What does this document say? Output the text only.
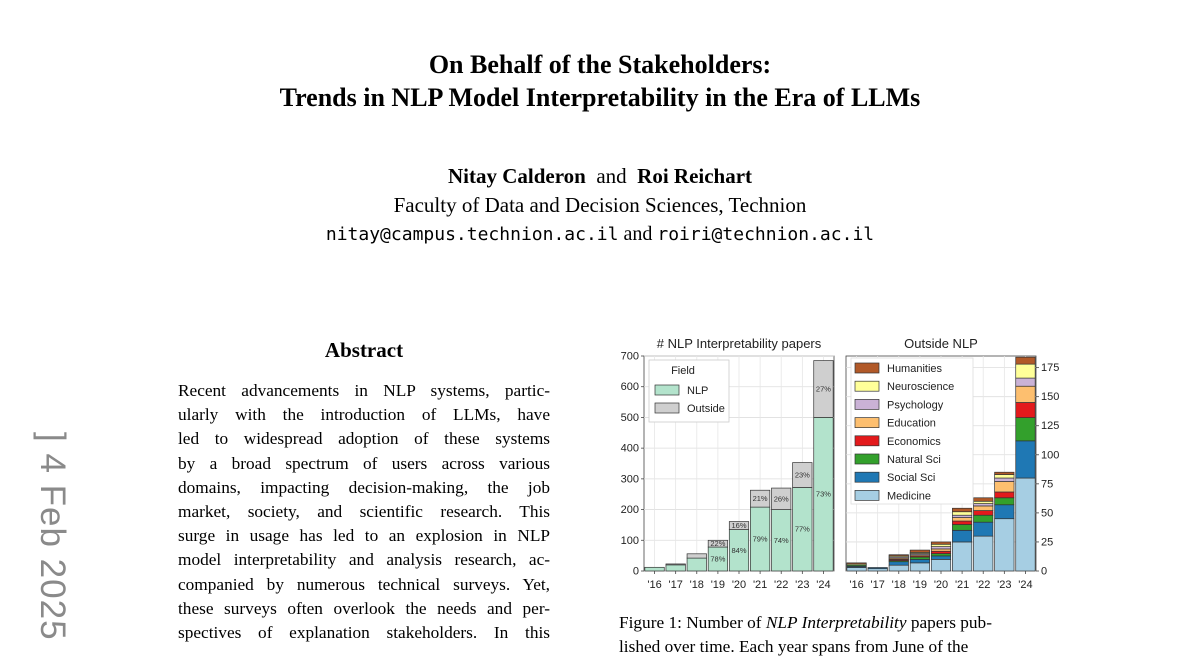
On Behalf of the Stakeholders:
Trends in NLP Model Interpretability in the Era of LLMs
Nitay Calderon and Roi Reichart
Faculty of Data and Decision Sciences, Technion
nitay@campus.technion.ac.il and roiri@technion.ac.il
] 4 Feb 2025
Abstract
Recent advancements in NLP systems, partic-
ularly with the introduction of LLMs, have
led to widespread adoption of these systems
by a broad spectrum of users across various
domains, impacting decision-making, the job
market, society, and scientific research. This
surge in usage has led to an explosion in NLP
model interpretability and analysis research, ac-
companied by numerous technical surveys. Yet,
these surveys often overlook the needs and per-
spectives of explanation stakeholders. In this
# NLP Interpretability papers
0
100
200
300
400
500
600
700
78%
84%
79% 74%
77%
73%
22%
16%
21% 26%
23%
27%
'16 '17 '18 '19 '20 '21 '22 '23 '24
Field
NLP
Outside
Outside NLP
0
25
50
75
100
125
150
175
'16 '17 '18 '19 '20 '21 '22 '23 '24
Humanities
Neuroscience
Psychology
Education
Economics
Natural Sci
Social Sci
Medicine
Figure 1: Number of NLP Interpretability papers pub-
lished over time. Each year spans from June of the
